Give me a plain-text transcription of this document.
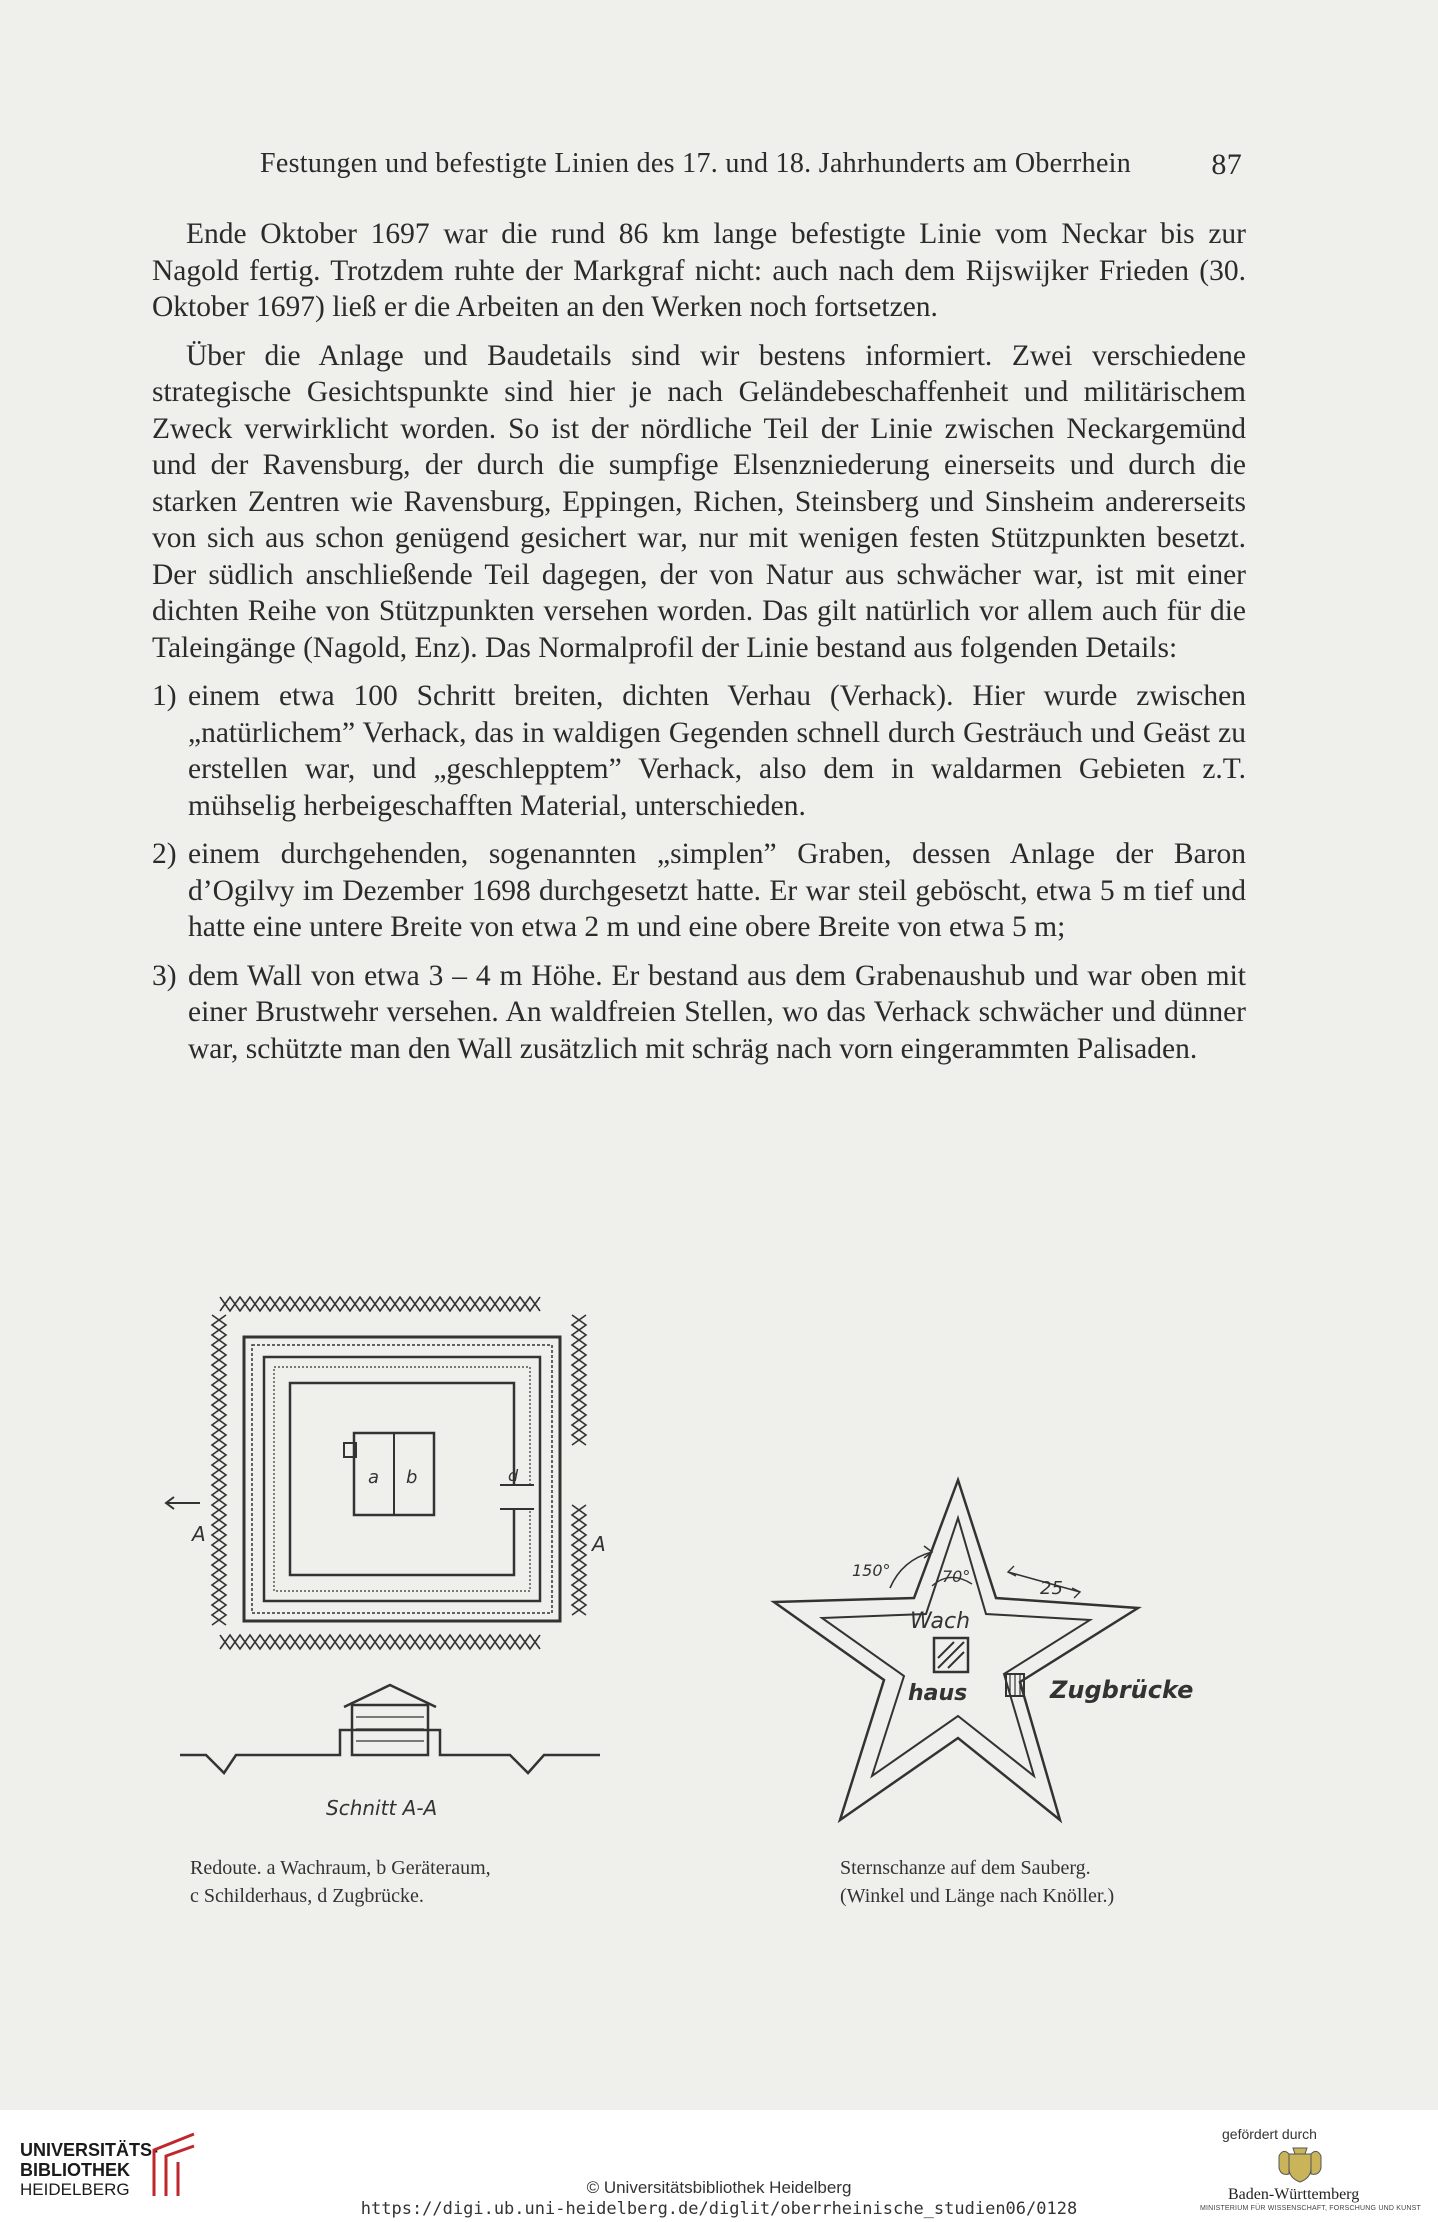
Festungen und befestigte Linien des 17. und 18. Jahrhunderts am Oberrhein	87

Ende Oktober 1697 war die rund 86 km lange befestigte Linie vom Neckar bis zur Nagold fertig. Trotzdem ruhte der Markgraf nicht: auch nach dem Rijswijker Frieden (30. Oktober 1697) ließ er die Arbeiten an den Werken noch fortsetzen.

Über die Anlage und Baudetails sind wir bestens informiert. Zwei verschiedene strategische Gesichtspunkte sind hier je nach Geländebeschaffenheit und militärischem Zweck verwirklicht worden. So ist der nördliche Teil der Linie zwischen Neckargemünd und der Ravensburg, der durch die sumpfige Elsenzniederung einerseits und durch die starken Zentren wie Ravensburg, Eppingen, Richen, Steinsberg und Sinsheim andererseits von sich aus schon genügend gesichert war, nur mit wenigen festen Stützpunkten besetzt. Der südlich anschließende Teil dagegen, der von Natur aus schwächer war, ist mit einer dichten Reihe von Stützpunkten versehen worden. Das gilt natürlich vor allem auch für die Taleingänge (Nagold, Enz). Das Normalprofil der Linie bestand aus folgenden Details:

1) einem etwa 100 Schritt breiten, dichten Verhau (Verhack). Hier wurde zwischen „natürlichem” Verhack, das in waldigen Gegenden schnell durch Gesträuch und Geäst zu erstellen war, und „geschlepptem” Verhack, also dem in waldarmen Gebieten z.T. mühselig herbeigeschafften Material, unterschieden.
2) einem durchgehenden, sogenannten „simplen” Graben, dessen Anlage der Baron d’Ogilvy im Dezember 1698 durchgesetzt hatte. Er war steil geböscht, etwa 5 m tief und hatte eine untere Breite von etwa 2 m und eine obere Breite von etwa 5 m;
3) dem Wall von etwa 3 – 4 m Höhe. Er bestand aus dem Grabenaushub und war oben mit einer Brustwehr versehen. An waldfreien Stellen, wo das Verhack schwächer und dünner war, schützte man den Wall zusätzlich mit schräg nach vorn eingerammten Palisaden.
a b	d
A	A
Schnitt A-A
Redoute. a Wachraum, b Geräteraum,
c Schilderhaus, d Zugbrücke.
150°	70°
25
Wach
haus	Zugbrücke
Sternschanze auf dem Sauberg.
(Winkel und Länge nach Knöller.)
UNIVERSITÄTS-
BIBLIOTHEK
HEIDELBERG	© Universitätsbibliothek Heidelberg
https://digi.ub.uni-heidelberg.de/diglit/oberrheinische_studien06/0128
gefördert durch
Baden-Württemberg
MINISTERIUM FÜR WISSENSCHAFT, FORSCHUNG UND KUNST
